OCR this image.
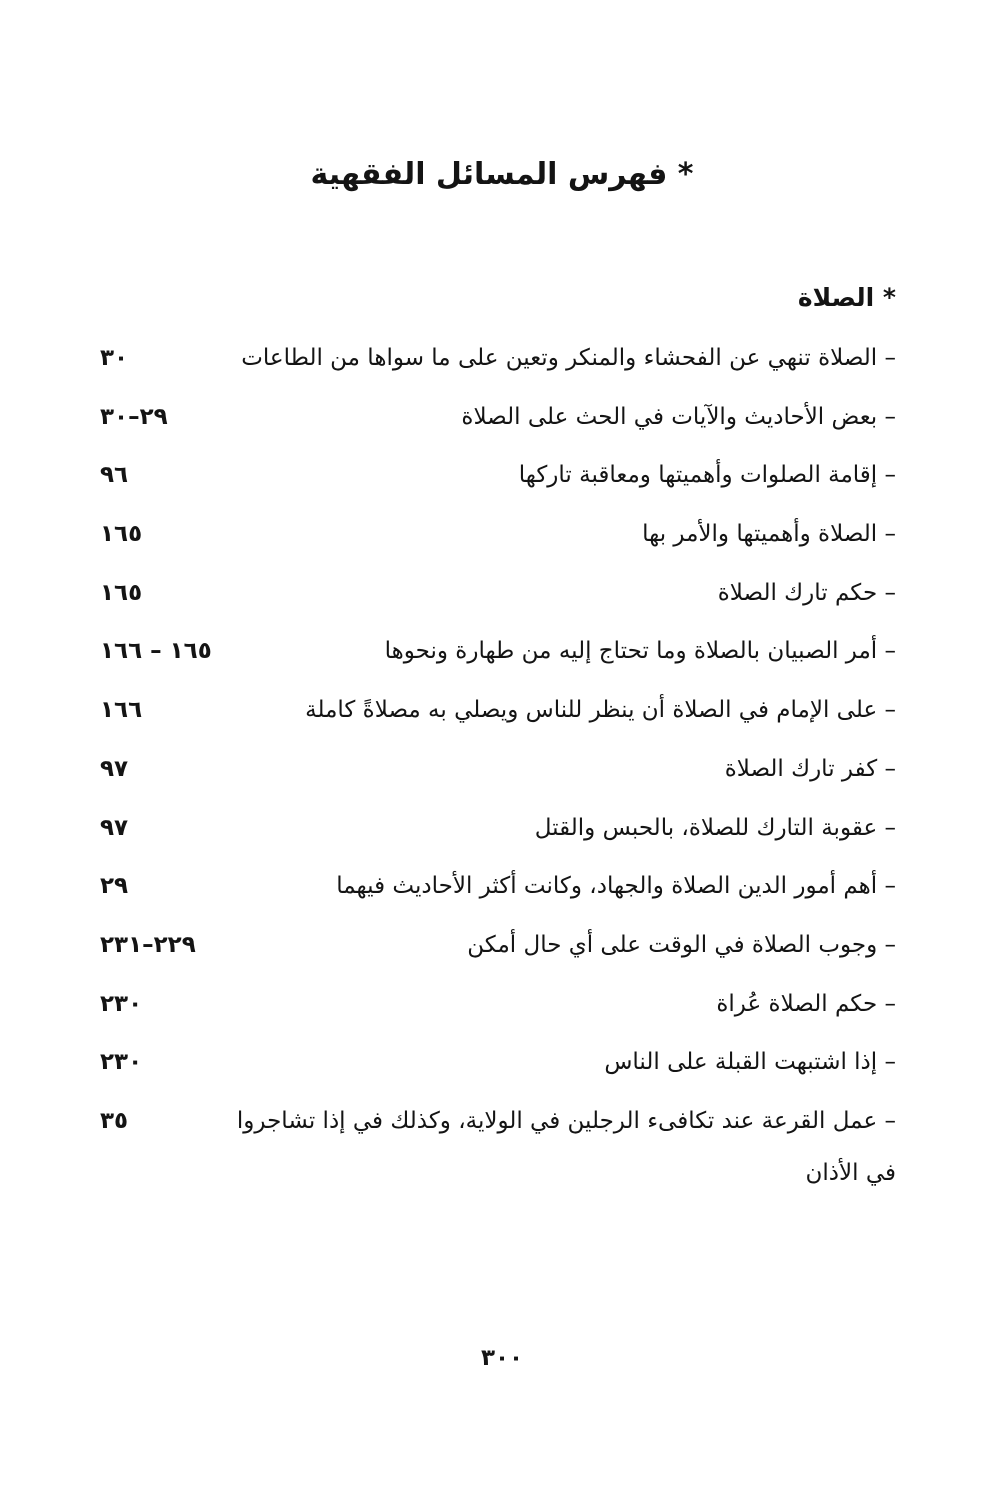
* فهرس المسائل الفقهية
* الصلاة
– الصلاة تنهي عن الفحشاء والمنكر وتعين على ما سواها من الطاعات
٣٠
– بعض الأحاديث والآيات في الحث على الصلاة
٢٩–٣٠
– إقامة الصلوات وأهميتها ومعاقبة تاركها
٩٦
– الصلاة وأهميتها والأمر بها
١٦٥
– حكم تارك الصلاة
١٦٥
– أمر الصبيان بالصلاة وما تحتاج إليه من طهارة ونحوها
١٦٥ – ١٦٦
– على الإمام في الصلاة أن ينظر للناس ويصلي به مصلاةً كاملة
١٦٦
– كفر تارك الصلاة
٩٧
– عقوبة التارك للصلاة، بالحبس والقتل
٩٧
– أهم أمور الدين الصلاة والجهاد، وكانت أكثر الأحاديث فيهما
٢٩
– وجوب الصلاة في الوقت على أي حال أمكن
٢٢٩–٢٣١
– حكم الصلاة عُراة
٢٣٠
– إذا اشتبهت القبلة على الناس
٢٣٠
– عمل القرعة عند تكافىء الرجلين في الولاية، وكذلك في إذا تشاجروا
٣٥
في الأذان
٣٠٠
